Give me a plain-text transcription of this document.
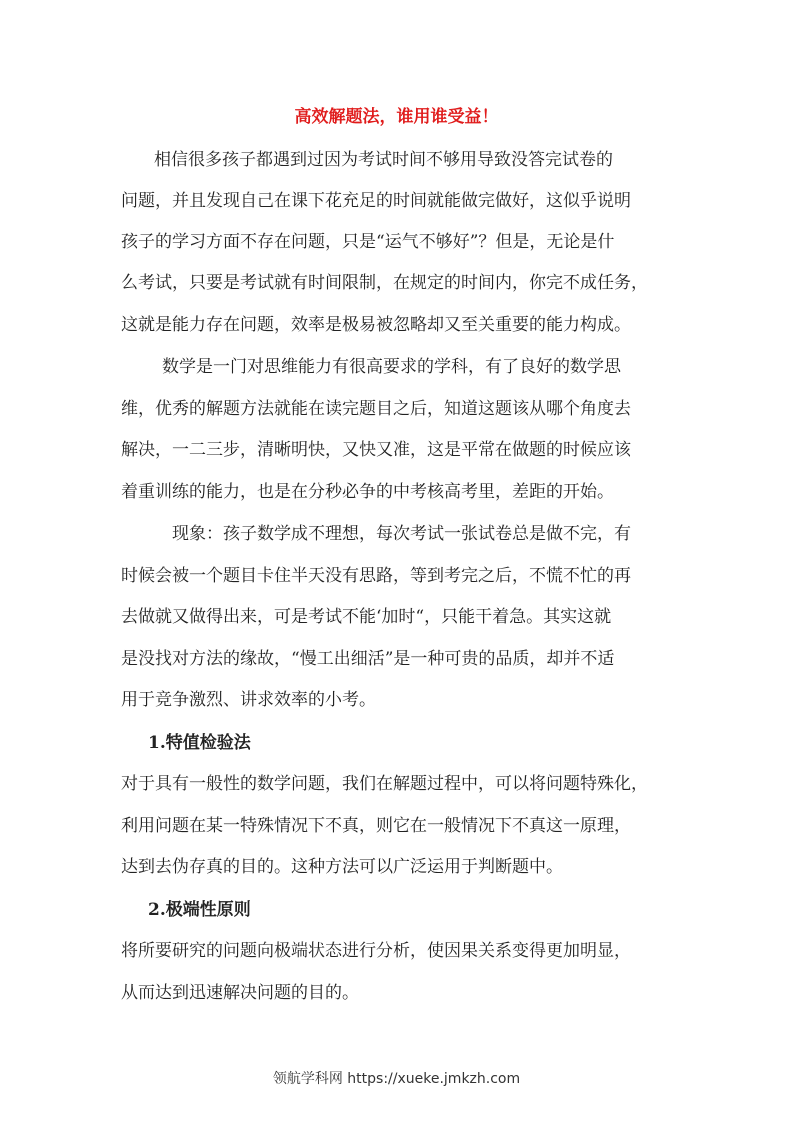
高效解题法，谁用谁受益！
相信很多孩子都遇到过因为考试时间不够用导致没答完试卷的
问题，并且发现自己在课下花充足的时间就能做完做好，这似乎说明
孩子的学习方面不存在问题，只是“运气不够好”？但是，无论是什
么考试，只要是考试就有时间限制，在规定的时间内，你完不成任务，
这就是能力存在问题，效率是极易被忽略却又至关重要的能力构成。
数学是一门对思维能力有很高要求的学科，有了良好的数学思
维，优秀的解题方法就能在读完题目之后，知道这题该从哪个角度去
解决，一二三步，清晰明快，又快又准，这是平常在做题的时候应该
着重训练的能力，也是在分秒必争的中考核高考里，差距的开始。
现象：孩子数学成不理想，每次考试一张试卷总是做不完，有
时候会被一个题目卡住半天没有思路，等到考完之后，不慌不忙的再
去做就又做得出来，可是考试不能‘加时“，只能干着急。其实这就
是没找对方法的缘故，“慢工出细活”是一种可贵的品质，却并不适
用于竞争激烈、讲求效率的小考。
1.特值检验法
对于具有一般性的数学问题，我们在解题过程中，可以将问题特殊化，
利用问题在某一特殊情况下不真，则它在一般情况下不真这一原理，
达到去伪存真的目的。这种方法可以广泛运用于判断题中。
2.极端性原则
将所要研究的问题向极端状态进行分析，使因果关系变得更加明显，
从而达到迅速解决问题的目的。
领航学科网 https://xueke.jmkzh.com
